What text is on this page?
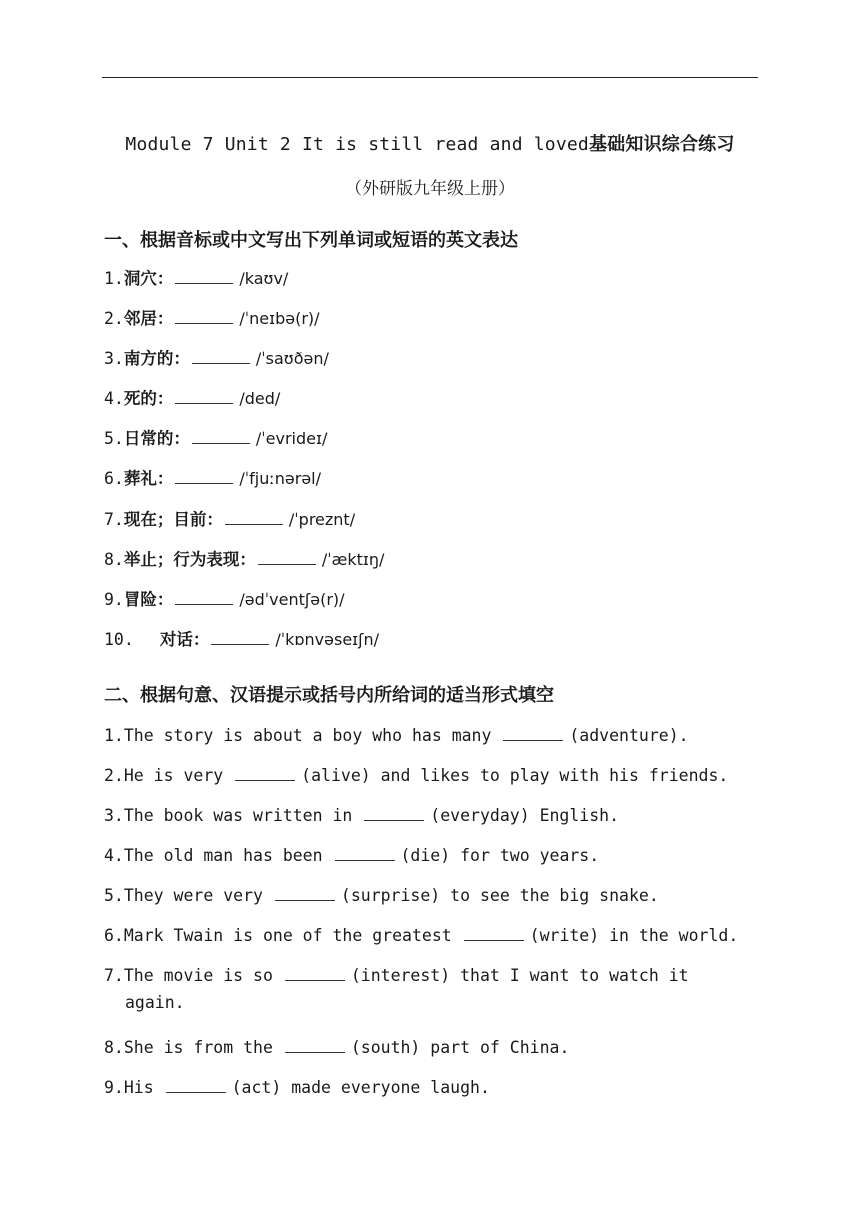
Module 7 Unit 2 It is still read and loved基础知识综合练习
（外研版九年级上册）
一、根据音标或中文写出下列单词或短语的英文表达
1.洞穴：	/kaʊv/
2.邻居：	/ˈneɪbə(r)/
3.南方的：	/ˈsaʊðən/
4.死的：	/ded/
5.日常的：	/ˈevrideɪ/
6.葬礼：	/ˈfjuːnərəl/
7.现在；目前：	/ˈpreznt/
8.举止；行为表现：	/ˈæktɪŋ/
9.冒险：	/ədˈventʃə(r)/
10. 对话：	/ˈkɒnvəseɪʃn/
二、根据句意、汉语提示或括号内所给词的适当形式填空
1.The story is about a boy who has many	(adventure).
2.He is very	(alive) and likes to play with his friends.
3.The book was written in	(everyday) English.
4.The old man has been	(die) for two years.
5.They were very	(surprise) to see the big snake.
6.Mark Twain is one of the greatest	(write) in the world.
7.The movie is so	(interest) that I want to watch it
again.
8.She is from the	(south) part of China.
9.His	(act) made everyone laugh.
